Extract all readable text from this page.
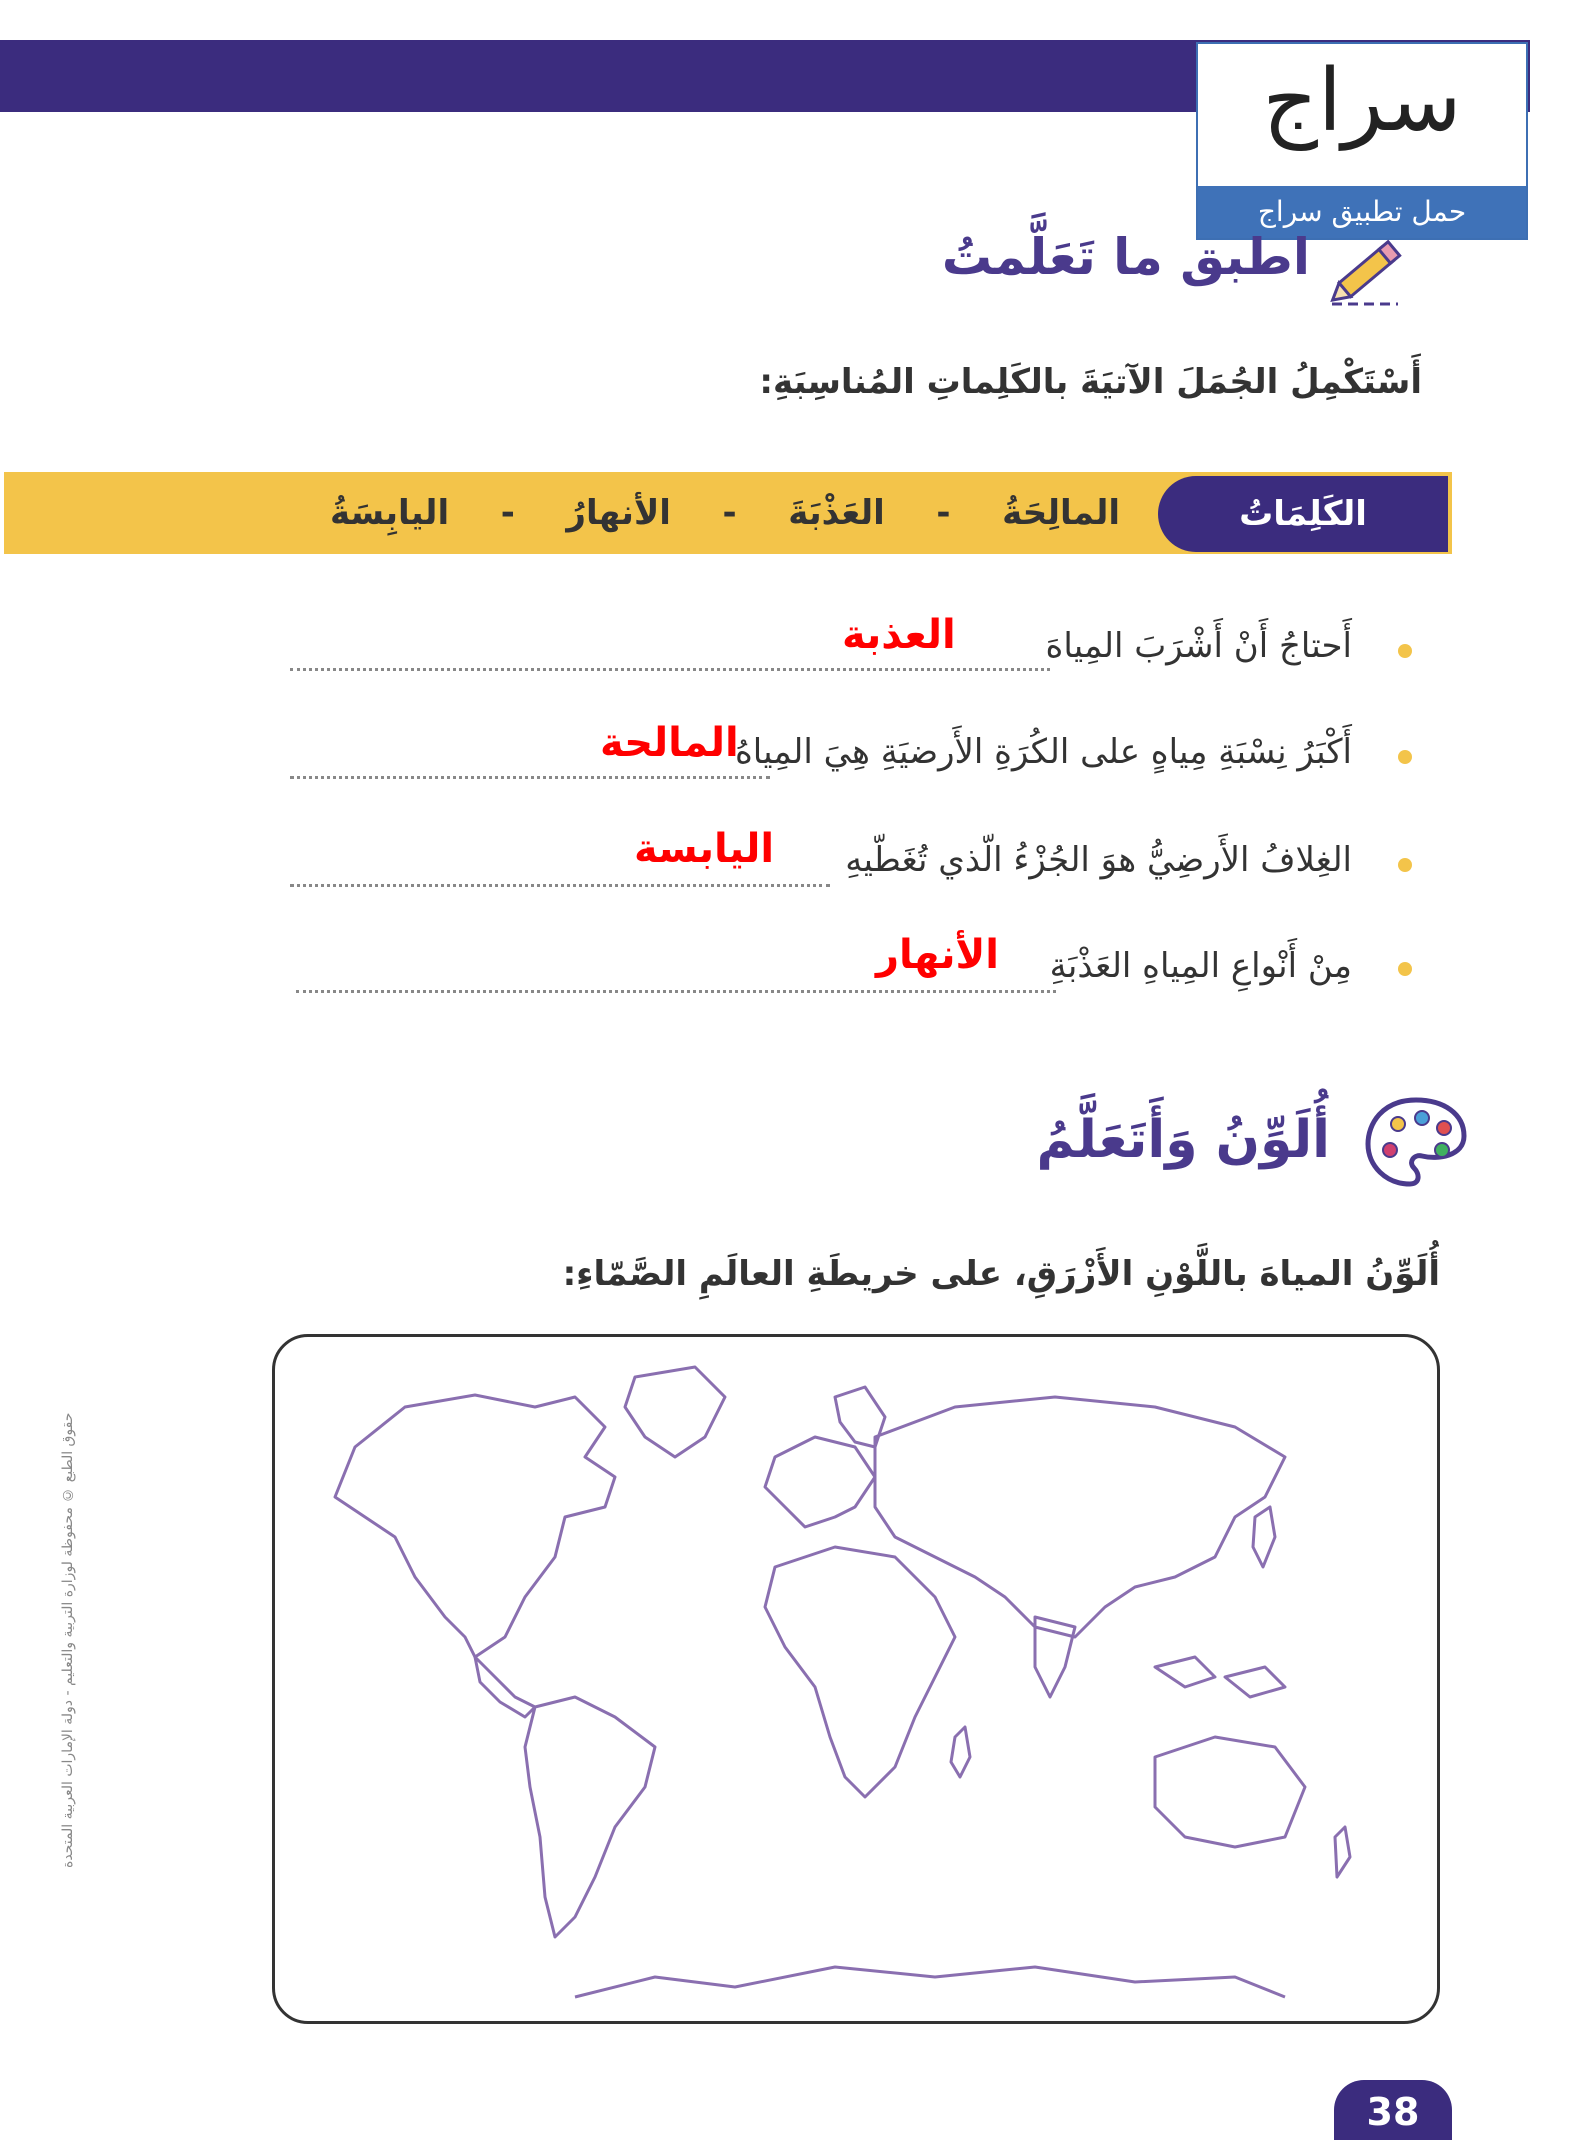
سراج
حمل تطبيق سراج
اطبق ما تَعَلَّمتُ
أَسْتَكْمِلُ الجُمَلَ الآتيَةَ بالكَلِماتِ المُناسِبَةِ:
الكَلِمَاتُ المُساعِدَةُ
اليابِسَةُ - الأنهارُ - العَذْبَةَ - المالِحَةُ
أَحتاجُ أَنْ أَشْرَبَ المِياهَ
العذبة
أَكْبَرُ نِسْبَةِ مِياهٍ على الكُرَةِ الأَرضيَةِ هِيَ المِياهُ
المالحة
الغِلافُ الأَرضِيُّ هوَ الجُزْءُ الّذي تُغَطّيهِ
اليابسة
مِنْ أَنْواعِ المِياهِ العَذْبَةِ
الأنهار
أُلَوِّنُ وَأَتَعَلَّمُ
أُلَوِّنُ المياهَ باللَّوْنِ الأَزْرَقِ، على خريطَةِ العالَمِ الصَّمّاءِ:
حقوق الطبع © محفوظة لوزارة التربية والتعليم - دولة الإمارات العربية المتحدة
38
